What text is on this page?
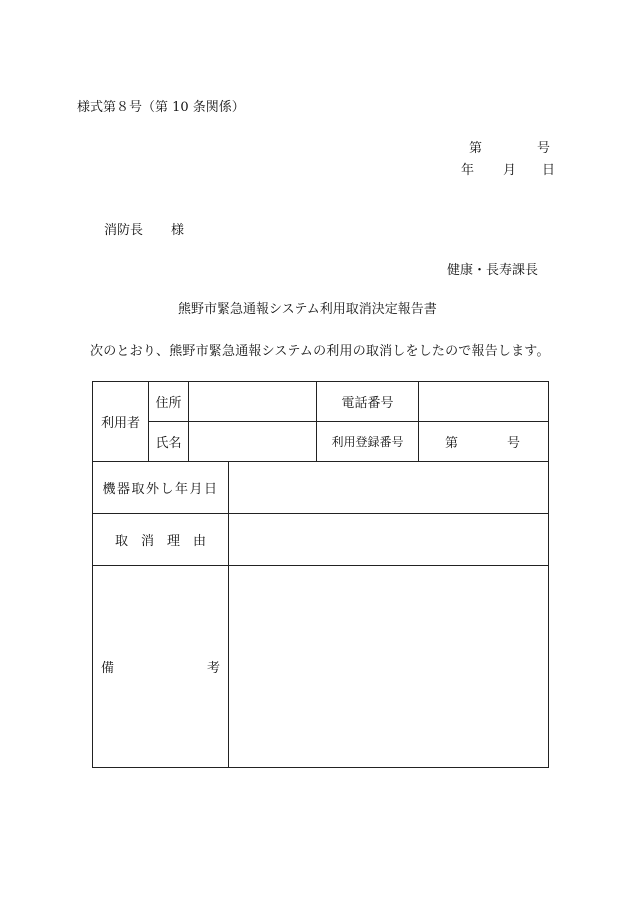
様式第８号（第 10 条関係）
第	号
年 月 日
消防長 様
健康・長寿課長
熊野市緊急通報システム利用取消決定報告書
次のとおり、熊野市緊急通報システムの利用の取消しをしたので報告します。
利用者	住所			電話番号	
	氏名			利用登録番号	第 号

機器取外し年月日					
取　消　理　由					

備 考					
